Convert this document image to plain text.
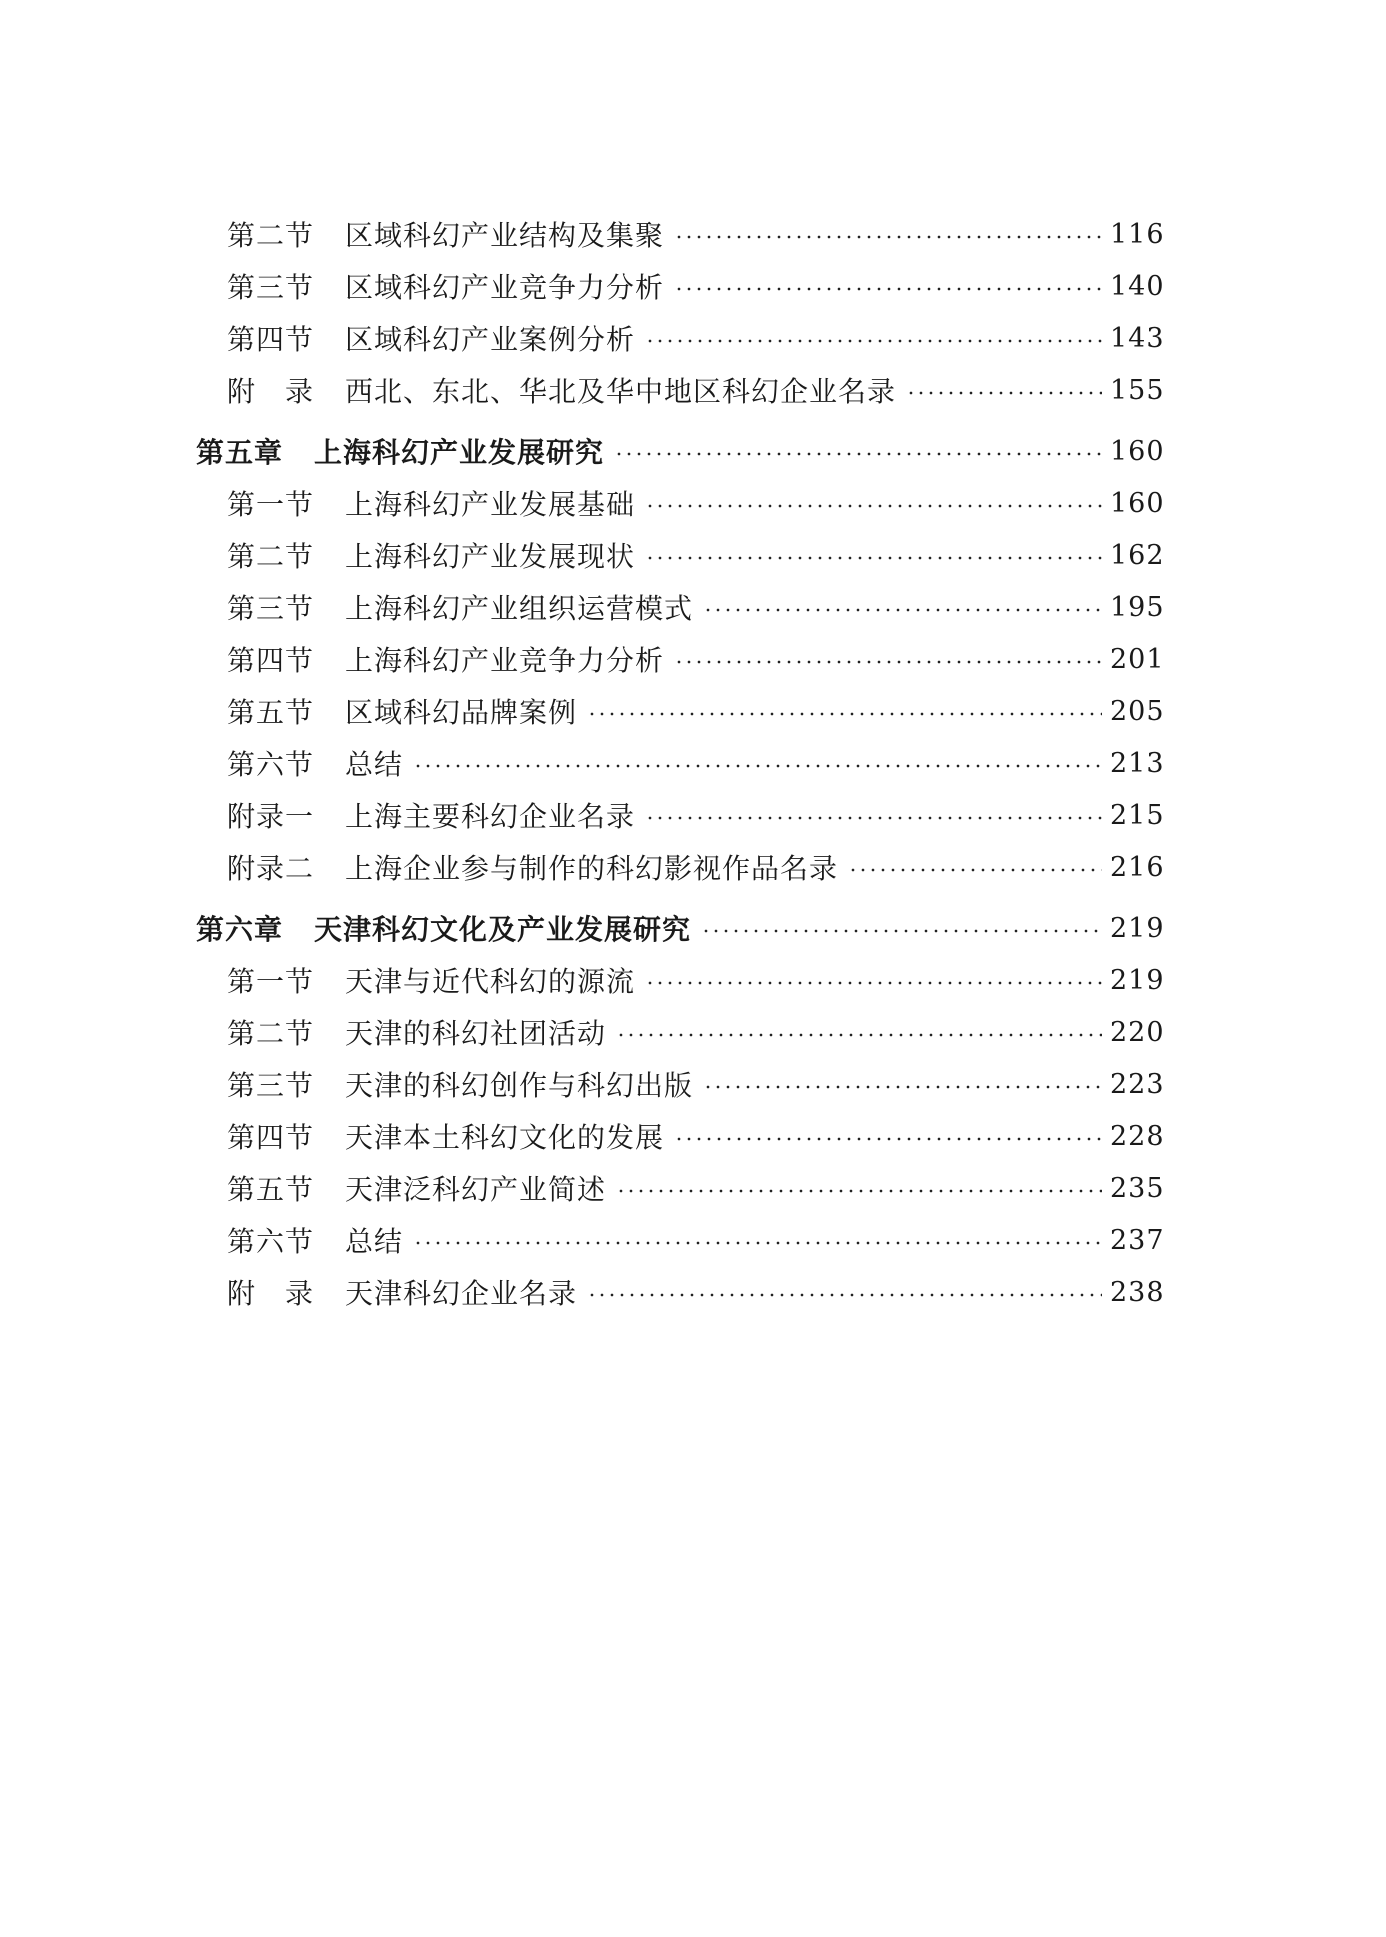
第二节	区域科幻产业结构及集聚	116
第三节	区域科幻产业竞争力分析	140
第四节	区域科幻产业案例分析	143
附　录	西北、东北、华北及华中地区科幻企业名录	155
第五章	上海科幻产业发展研究	160
第一节	上海科幻产业发展基础	160
第二节	上海科幻产业发展现状	162
第三节	上海科幻产业组织运营模式	195
第四节	上海科幻产业竞争力分析	201
第五节	区域科幻品牌案例	205
第六节	总结	213
附录一	上海主要科幻企业名录	215
附录二	上海企业参与制作的科幻影视作品名录	216
第六章	天津科幻文化及产业发展研究	219
第一节	天津与近代科幻的源流	219
第二节	天津的科幻社团活动	220
第三节	天津的科幻创作与科幻出版	223
第四节	天津本土科幻文化的发展	228
第五节	天津泛科幻产业简述	235
第六节	总结	237
附　录	天津科幻企业名录	238
